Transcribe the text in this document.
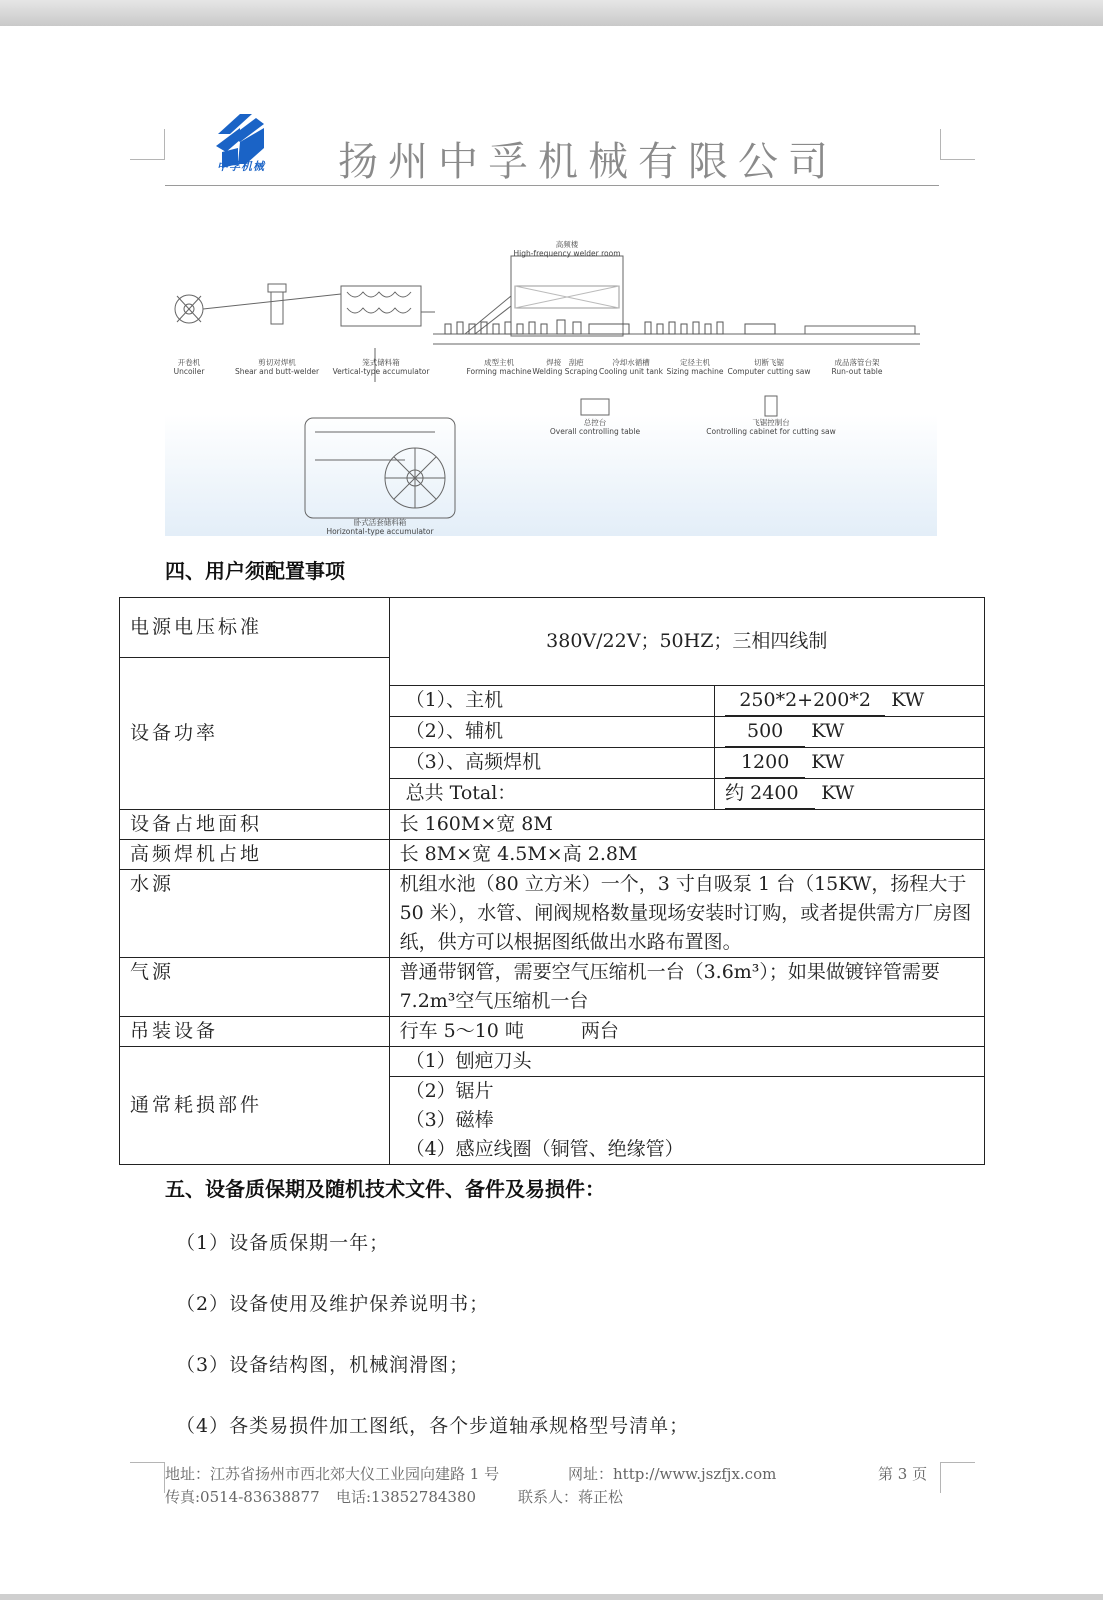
中孚机械 扬州中孚机械有限公司
开卷机
Uncoiler
剪切对焊机
Shear and butt-welder
笼式储料箱
Vertical-type accumulator
高频楼
High-frequency welder room
成型主机
Forming machine
焊接　刮疤
Welding Scraping
冷却水循槽
Cooling unit tank
定径主机
Sizing machine
切断飞锯
Computer cutting saw
成品落管台架
Run-out table
总控台
Overall controlling table
飞锯控制台
Controlling cabinet for cutting saw
卧式活套储料箱
Horizontal-type accumulator
四、用户须配置事项
电源电压标准	380V/22V；50HZ；三相四线制	
设备功率		
	（1）、主机	250*2+200*2 KW
	（2）、辅机	500 KW
	（3）、高频焊机	1200 KW
	总共 Total：	约 2400 KW
设备占地面积	长 160M×宽 8M	
高频焊机占地	长 8M×宽 4.5M×高 2.8M	
水源	机组水池（80 立方米）一个，3 寸自吸泵 1 台（15KW，扬程大于 50 米），水管、闸阀规格数量现场安装时订购，或者提供需方厂房图纸，供方可以根据图纸做出水路布置图。	
气源	普通带钢管，需要空气压缩机一台（3.6m³）；如果做镀锌管需要 7.2m³空气压缩机一台	
吊装设备	行车 5～10 吨　　　两台	
通常耗损部件	（1）刨疤刀头
（2）锯片
（3）磁棒
（4）感应线圈（铜管、绝缘管）	
五、设备质保期及随机技术文件、备件及易损件：
（1）设备质保期一年；
（2）设备使用及维护保养说明书；
（3）设备结构图，机械润滑图；
（4）各类易损件加工图纸，各个步道轴承规格型号清单；
地址：江苏省扬州市西北郊大仪工业园向建路 1 号	网址：http://www.jszfjx.com	第 3 页
传真:0514-83638877 电话:13852784380	联系人：蒋正松
